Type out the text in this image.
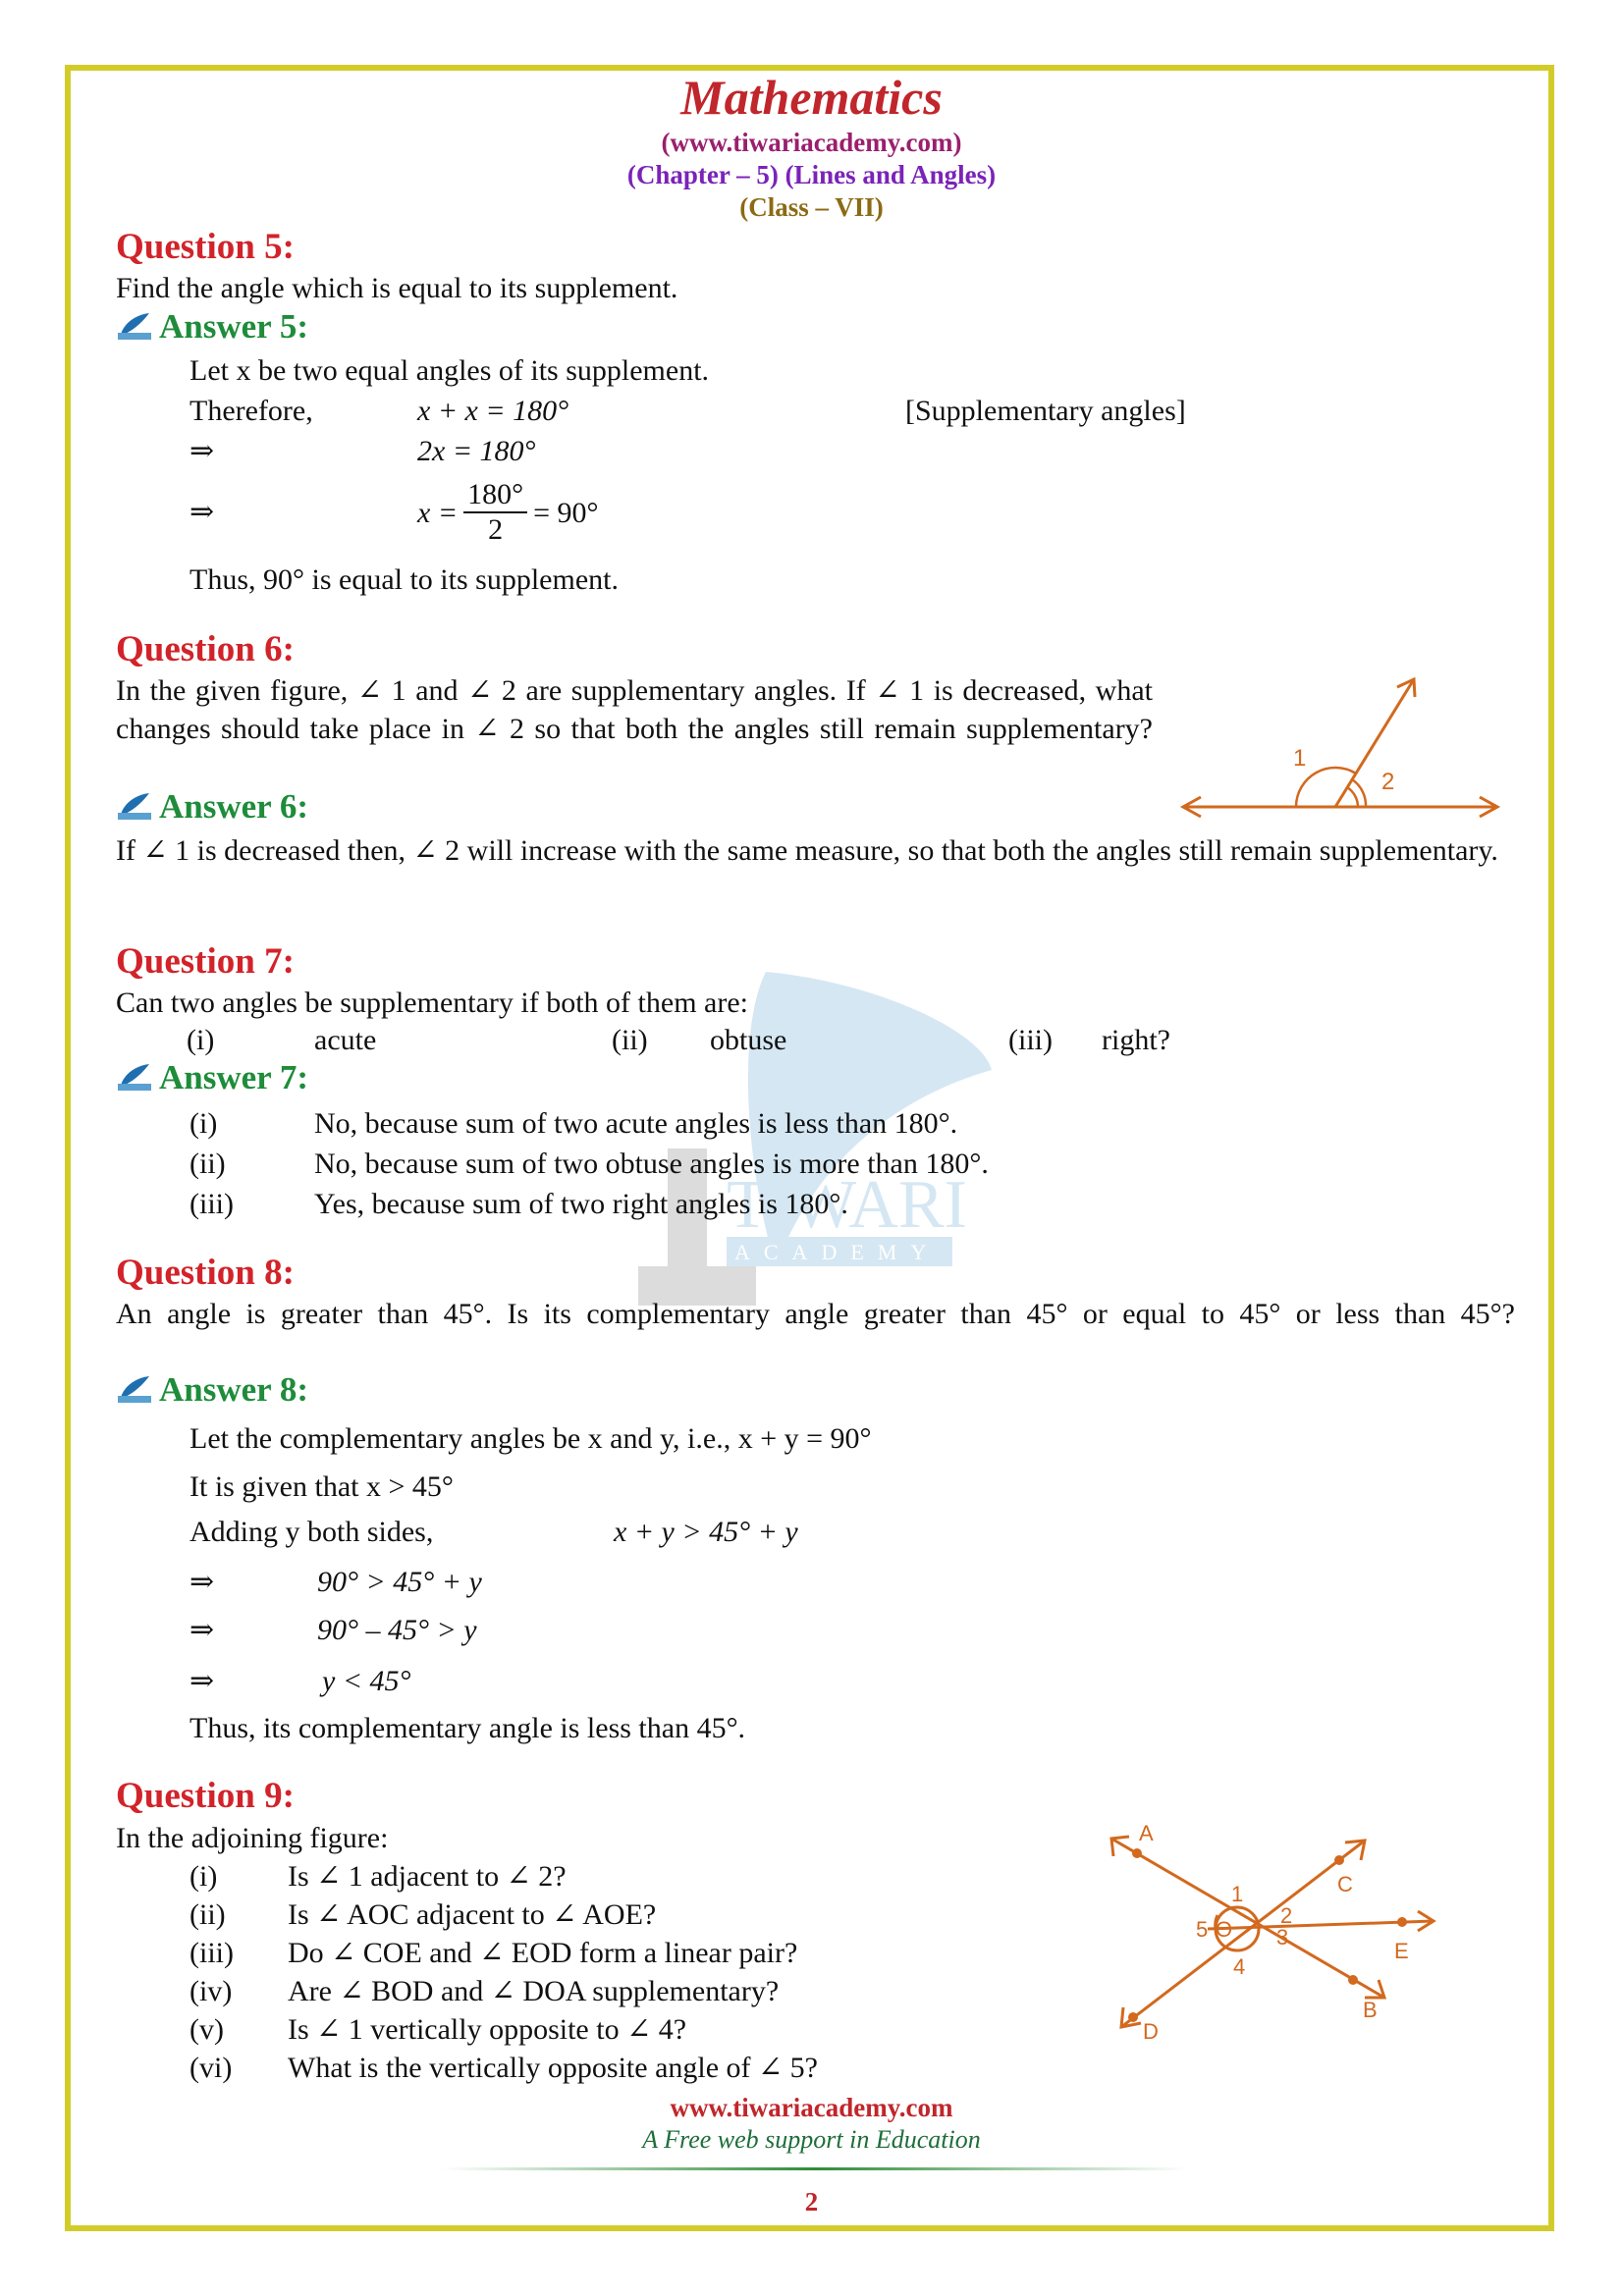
TIWARI
ACADEMY
Mathematics
(www.tiwariacademy.com)
(Chapter – 5) (Lines and Angles)
(Class – VII)
Question 5:
Find the angle which is equal to its supplement.
Answer 5:
Let x be two equal angles of its supplement.
Therefore,	x + x = 180°	[Supplementary angles]
⇒	2x = 180°
⇒	$x = \frac{180^\circ}{2} = 90^\circ$
Thus, 90° is equal to its supplement.
Question 6:
In the given figure, ∠ 1 and ∠ 2 are supplementary angles. If ∠ 1 is decreased, what changes should take place in ∠ 2 so that both the angles still remain supplementary?
1
2
Answer 6:
If ∠ 1 is decreased then, ∠ 2 will increase with the same measure, so that both the angles still remain supplementary.
Question 7:
Can two angles be supplementary if both of them are:
(i)	acute	(ii) obtuse	(iii) right?
Answer 7:
(i)	No, because sum of two acute angles is less than 180°.
(ii)	No, because sum of two obtuse angles is more than 180°.
(iii)	Yes, because sum of two right angles is 180°.
Question 8:
An angle is greater than 45°. Is its complementary angle greater than 45° or equal to 45° or less than 45°?
Answer 8:
Let the complementary angles be x and y, i.e., x + y = 90°
It is given that x > 45°
Adding y both sides,	x + y > 45° + y
⇒	90° > 45° + y
⇒	90° – 45° > y
⇒	y < 45°
Thus, its complementary angle is less than 45°.
Question 9:
In the adjoining figure:
(i) Is ∠ 1 adjacent to ∠ 2?
(ii) Is ∠ AOC adjacent to ∠ AOE?
(iii) Do ∠ COE and ∠ EOD form a linear pair?
(iv) Are ∠ BOD and ∠ DOA supplementary?
(v) Is ∠ 1 vertically opposite to ∠ 4?
(vi) What is the vertically opposite angle of ∠ 5?
A
B
C
D
E
O
1
2
3
4
5
www.tiwariacademy.com
A Free web support in Education
2
